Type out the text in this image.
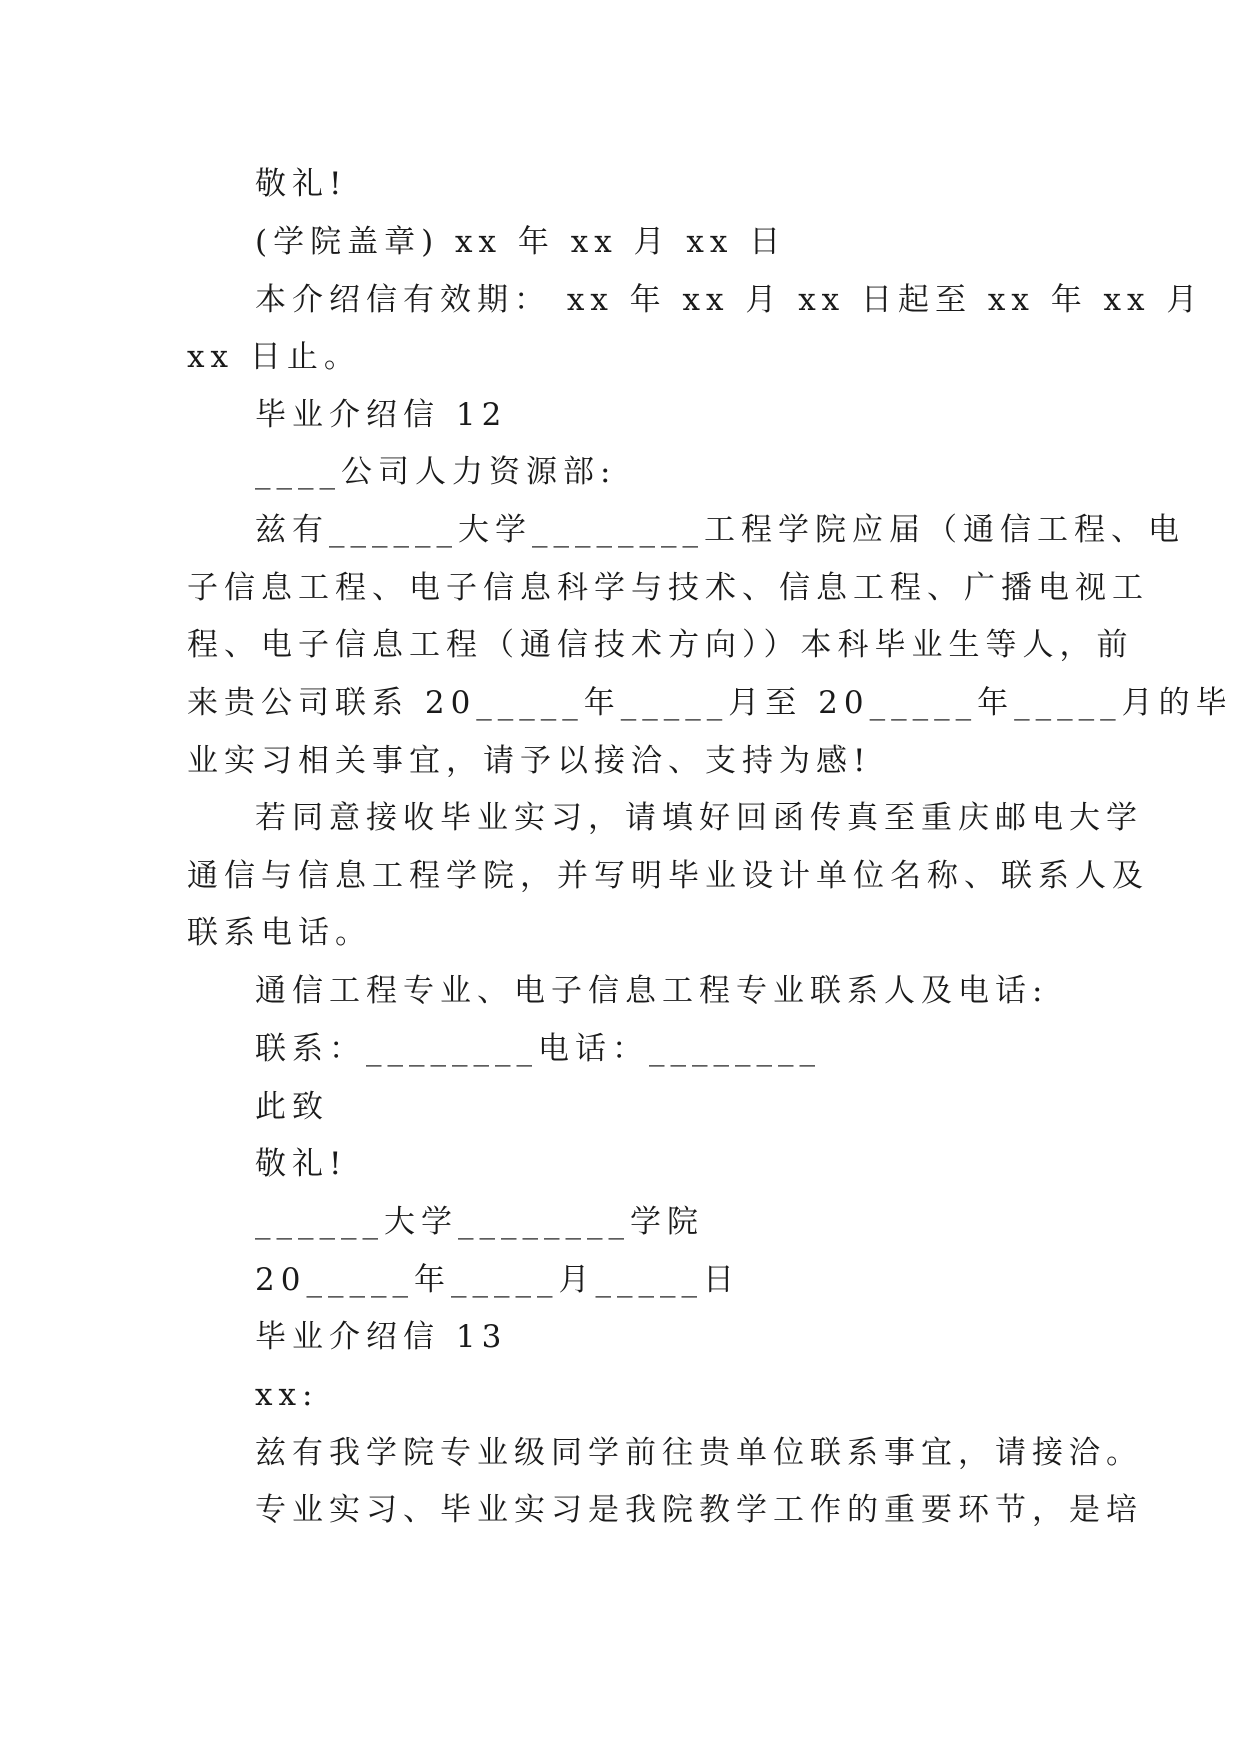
敬礼!
(学院盖章) xx 年 xx 月 xx 日
本介绍信有效期： xx 年 xx 月 xx 日起至 xx 年 xx 月
xx 日止。
毕业介绍信 12
____公司人力资源部:
兹有______大学________工程学院应届（通信工程、电
子信息工程、电子信息科学与技术、信息工程、广播电视工
程、电子信息工程（通信技术方向））本科毕业生等人，前
来贵公司联系 20_____年_____月至 20_____年_____月的毕
业实习相关事宜，请予以接洽、支持为感!
若同意接收毕业实习，请填好回函传真至重庆邮电大学
通信与信息工程学院，并写明毕业设计单位名称、联系人及
联系电话。
通信工程专业、电子信息工程专业联系人及电话:
联系：________电话：________
此致
敬礼!
______大学________学院
20_____年_____月_____日
毕业介绍信 13
xx:
兹有我学院专业级同学前往贵单位联系事宜，请接洽。
专业实习、毕业实习是我院教学工作的重要环节，是培
